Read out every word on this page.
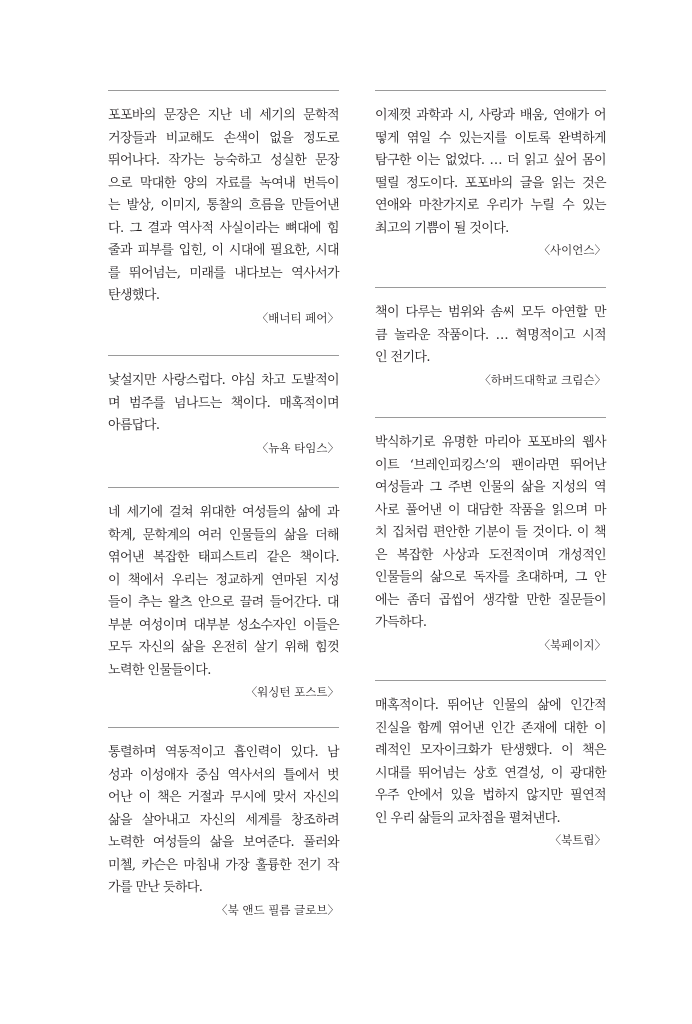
포포바의 문장은 지난 네 세기의 문학적
거장들과 비교해도 손색이 없을 정도로
뛰어나다. 작가는 능숙하고 성실한 문장
으로 막대한 양의 자료를 녹여내 번득이
는 발상, 이미지, 통찰의 흐름을 만들어낸
다. 그 결과 역사적 사실이라는 뼈대에 힘
줄과 피부를 입힌, 이 시대에 필요한, 시대
를 뛰어넘는, 미래를 내다보는 역사서가
탄생했다.
〈배너티 페어〉
낯설지만 사랑스럽다. 야심 차고 도발적이
며 범주를 넘나드는 책이다. 매혹적이며
아름답다.
〈뉴욕 타임스〉
네 세기에 걸쳐 위대한 여성들의 삶에 과
학계, 문학계의 여러 인물들의 삶을 더해
엮어낸 복잡한 태피스트리 같은 책이다.
이 책에서 우리는 정교하게 연마된 지성
들이 추는 왈츠 안으로 끌려 들어간다. 대
부분 여성이며 대부분 성소수자인 이들은
모두 자신의 삶을 온전히 살기 위해 힘껏
노력한 인물들이다.
〈워싱턴 포스트〉
통렬하며 역동적이고 흡인력이 있다. 남
성과 이성애자 중심 역사서의 틀에서 벗
어난 이 책은 거절과 무시에 맞서 자신의
삶을 살아내고 자신의 세계를 창조하려
노력한 여성들의 삶을 보여준다. 풀러와
미첼, 카슨은 마침내 가장 훌륭한 전기 작
가를 만난 듯하다.
〈북 앤드 필름 글로브〉
이제껏 과학과 시, 사랑과 배움, 연애가 어
떻게 엮일 수 있는지를 이토록 완벽하게
탐구한 이는 없었다. … 더 읽고 싶어 몸이
떨릴 정도이다. 포포바의 글을 읽는 것은
연애와 마찬가지로 우리가 누릴 수 있는
최고의 기쁨이 될 것이다.
〈사이언스〉
책이 다루는 범위와 솜씨 모두 아연할 만
큼 놀라운 작품이다. … 혁명적이고 시적
인 전기다.
〈하버드대학교 크림슨〉
박식하기로 유명한 마리아 포포바의 웹사
이트 ‘브레인피킹스’의 팬이라면 뛰어난
여성들과 그 주변 인물의 삶을 지성의 역
사로 풀어낸 이 대담한 작품을 읽으며 마
치 집처럼 편안한 기분이 들 것이다. 이 책
은 복잡한 사상과 도전적이며 개성적인
인물들의 삶으로 독자를 초대하며, 그 안
에는 좀더 곱씹어 생각할 만한 질문들이
가득하다.
〈북페이지〉
매혹적이다. 뛰어난 인물의 삶에 인간적
진실을 함께 엮어낸 인간 존재에 대한 이
례적인 모자이크화가 탄생했다. 이 책은
시대를 뛰어넘는 상호 연결성, 이 광대한
우주 안에서 있을 법하지 않지만 필연적
인 우리 삶들의 교차점을 펼쳐낸다.
〈북트립〉
